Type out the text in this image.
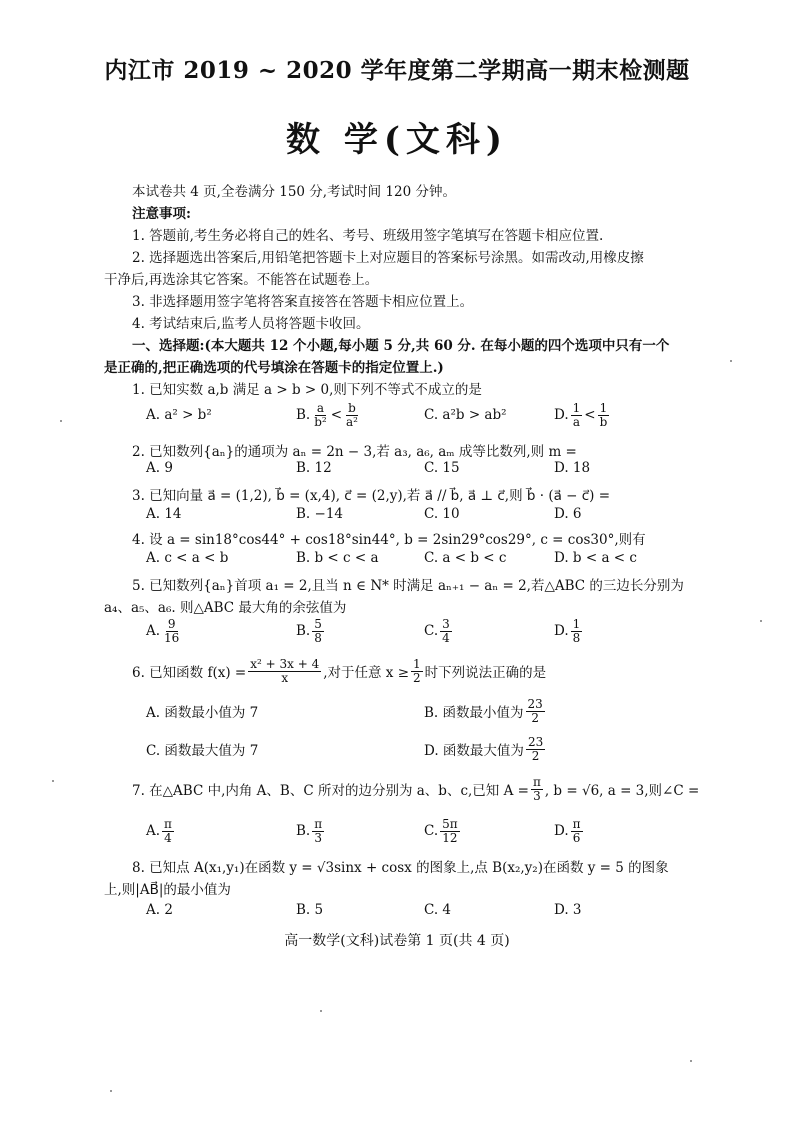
内江市 2019 ~ 2020 学年度第二学期高一期末检测题
数 学(文科)
本试卷共 4 页,全卷满分 150 分,考试时间 120 分钟。
注意事项:
1. 答题前,考生务必将自己的姓名、考号、班级用签字笔填写在答题卡相应位置.
2. 选择题选出答案后,用铅笔把答题卡上对应题目的答案标号涂黑。如需改动,用橡皮擦
干净后,再选涂其它答案。不能答在试题卷上。
3. 非选择题用签字笔将答案直接答在答题卡相应位置上。
4. 考试结束后,监考人员将答题卡收回。
一、选择题:(本大题共 12 个小题,每小题 5 分,共 60 分. 在每小题的四个选项中只有一个
是正确的,把正确选项的代号填涂在答题卡的指定位置上.)
1. 已知实数 a,b 满足 a > b > 0,则下列不等式不成立的是
A. a² > b²	B. $\frac{a}{\text{b²}} < \frac{b}{\text{a²}}$	C. a²b > ab²	D. $\frac{1}{a} < \frac{1}{b}$
2. 已知数列{aₙ}的通项为 aₙ = 2n − 3,若 a₃, a₆, aₘ 成等比数列,则 m =
A. 9	B. 12	C. 15	D. 18
3. 已知向量 a⃗ = (1,2), b⃗ = (x,4), c⃗ = (2,y),若 a⃗ // b⃗, a⃗ ⊥ c⃗,则 b⃗ · (a⃗ − c⃗) =
A. 14	B. −14	C. 10	D. 6
4. 设 a = sin18°cos44° + cos18°sin44°, b = 2sin29°cos29°, c = cos30°,则有
A. c < a < b	B. b < c < a	C. a < b < c	D. b < a < c
5. 已知数列{aₙ}首项 a₁ = 2,且当 n ∈ N* 时满足 aₙ₊₁ − aₙ = 2,若△ABC 的三边长分别为
a₄、a₅、a₆. 则△ABC 最大角的余弦值为
A. $\frac{9}{16}$	B. $\frac{5}{8}$	C. $\frac{3}{4}$	D. $\frac{1}{8}$
6. 已知函数 $f(x) = \frac{\text{x² + 3x + 4}}{x}$ ,对于任意 $x \ge \frac{1}{2}$ 时下列说法正确的是
A. 函数最小值为 7	B. 函数最小值为 $\frac{23}{2}$
C. 函数最大值为 7	D. 函数最大值为 $\frac{23}{2}$
7. 在△ABC 中,内角 A、B、C 所对的边分别为 a、b、c,已知 $A = \frac{\pi}{3}$ , b = √6, a = 3,则∠C =
A. $\frac{\pi}{4}$	B. $\frac{\pi}{3}$	C. $\frac{5\pi}{12}$	D. $\frac{\pi}{6}$
8. 已知点 A(x₁,y₁)在函数 y = √3sinx + cosx 的图象上,点 B(x₂,y₂)在函数 y = 5 的图象
上,则|AB⃗|的最小值为
A. 2	B. 5	C. 4	D. 3
高一数学(文科)试卷第 1 页(共 4 页)
